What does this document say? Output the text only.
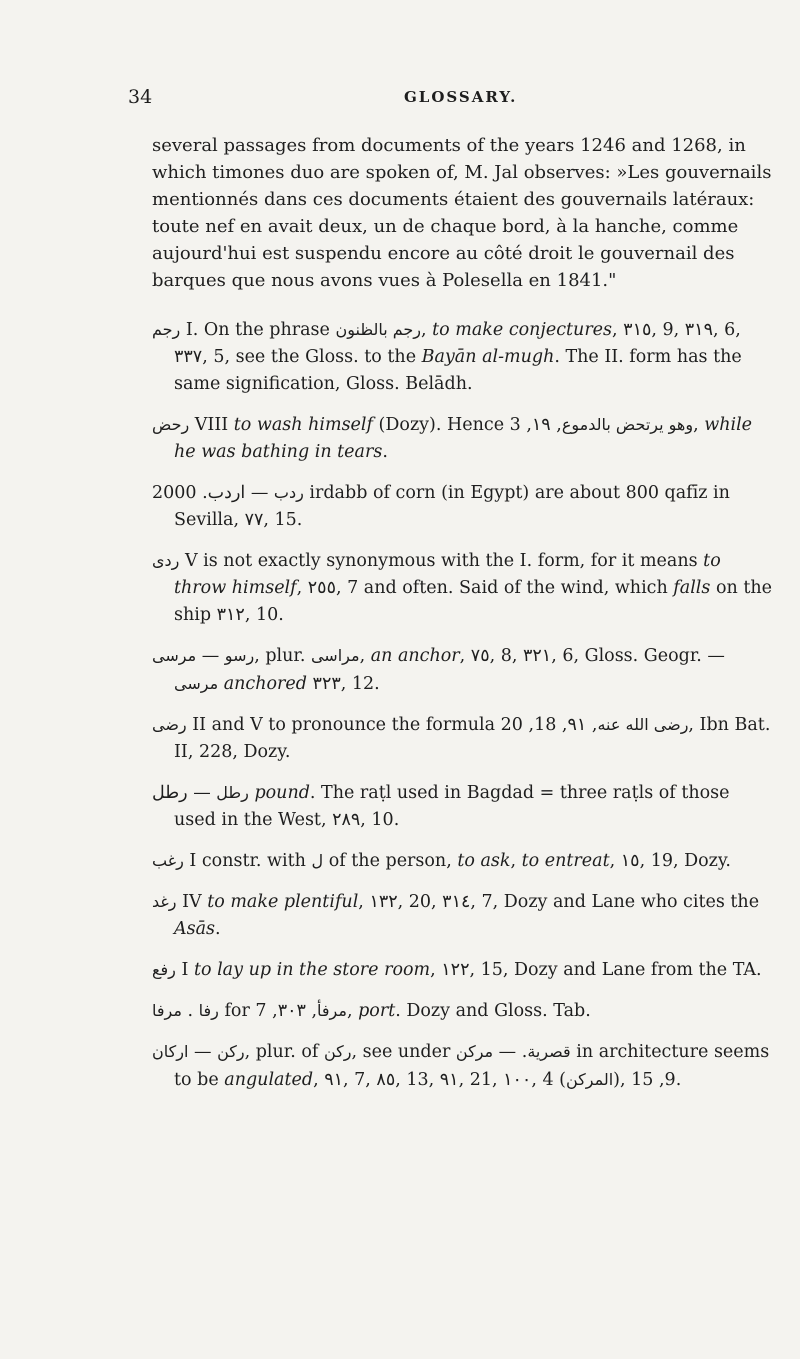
34	GLOSSARY.

several passages from documents of the years 1246 and 1268, in which timones duo are spoken of, M. Jal observes: »Les gouvernails mentionnés dans ces documents étaient des gouvernails latéraux: toute nef en avait deux, un de chaque bord, à la hanche, comme aujourd'hui est suspendu encore au côté droit le gouvernail des barques que nous avons vues à Polesella en 1841."

رجم I. On the phrase رجم بالظنون, to make conjectures, ٣١٥, 9, ٣١٩, 6, ٣٣٧, 5, see the Gloss. to the Bayān al-mugh. The II. form has the same signification, Gloss. Belādh.

رحض VIII to wash himself (Dozy). Hence	وهو يرتحض بالدموع, ١٩, 3, while he was bathing in tears.

ردب — اردب. 2000 irdabb of corn (in Egypt) are about 800 qafīz in Sevilla, ٧٧, 15.

ردى V is not exactly synonymous with the I. form, for it means to throw himself, ٢٥٥, 7 and often. Said of the wind, which falls on the ship ٣١٢, 10.

رسو — مرسى	, plur. مراسى, an anchor, ٧٥, 8, ٣٢١, 6, Gloss. Geogr. — مرسى anchored ٣٢٣, 12.

رضى II and V to pronounce the formula	رضى الله عنه, ٩١, 18, 20, Ibn Bat. II, 228, Dozy.

رطل — رطل pound. The raṭl used in Bagdad = three raṭls of those used in the West, ٢٨٩, 10.

رغب I constr. with ل of the person, to ask, to entreat, ١٥, 19, Dozy.

رغد IV to make plentiful, ١٣٢, 20, ٣١٤, 7, Dozy and Lane who cites the Asās.

رفع I to lay up in the store room, ١٢٢, 15, Dozy and Lane from the TA.

رفا . مرفا for	مرفأ, ٣٠٣, 7, port. Dozy and Gloss. Tab.

ركن — اركان	, plur. of ركن, see under	قصرية. — مركن	in architecture seems to be angulated, ٩١, 7, ٨٥, 13, ٩١, 21, ١٠٠, 4 (المركن), 9, 15.
